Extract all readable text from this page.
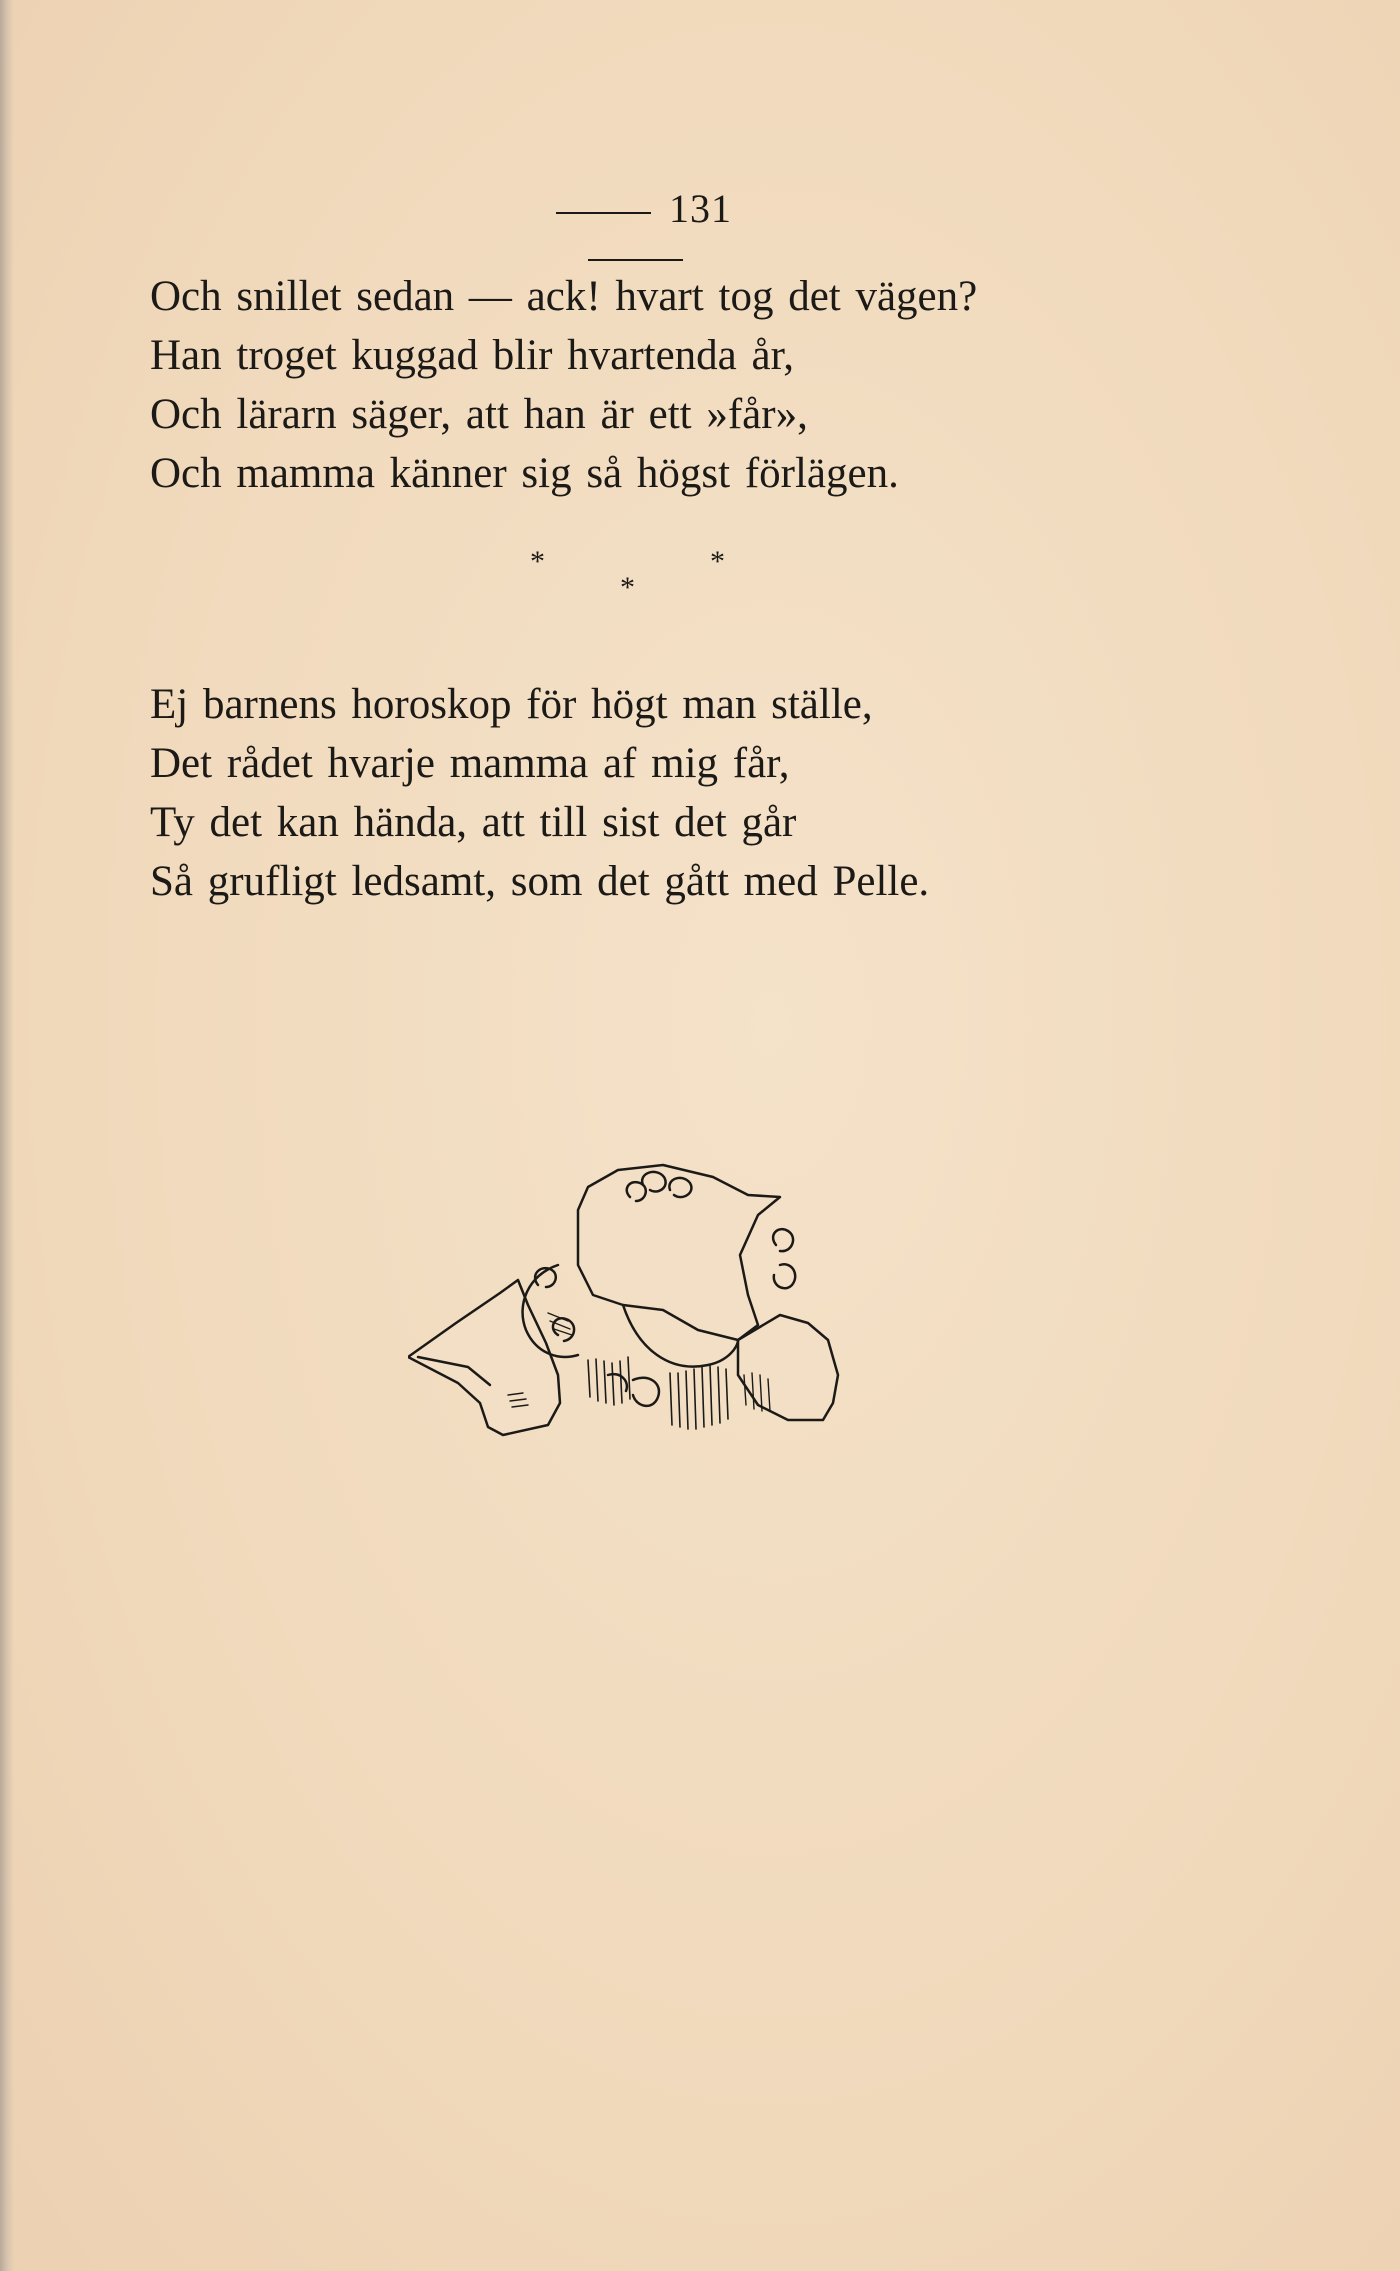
131
Och snillet sedan — ack! hvart tog det vägen?
Han troget kuggad blir hvartenda år,
Och lärarn säger, att han är ett »får»,
Och mamma känner sig så högst förlägen.
*	*
*
Ej barnens horoskop för högt man ställe,
Det rådet hvarje mamma af mig får,
Ty det kan hända, att till sist det går
Så grufligt ledsamt, som det gått med Pelle.
